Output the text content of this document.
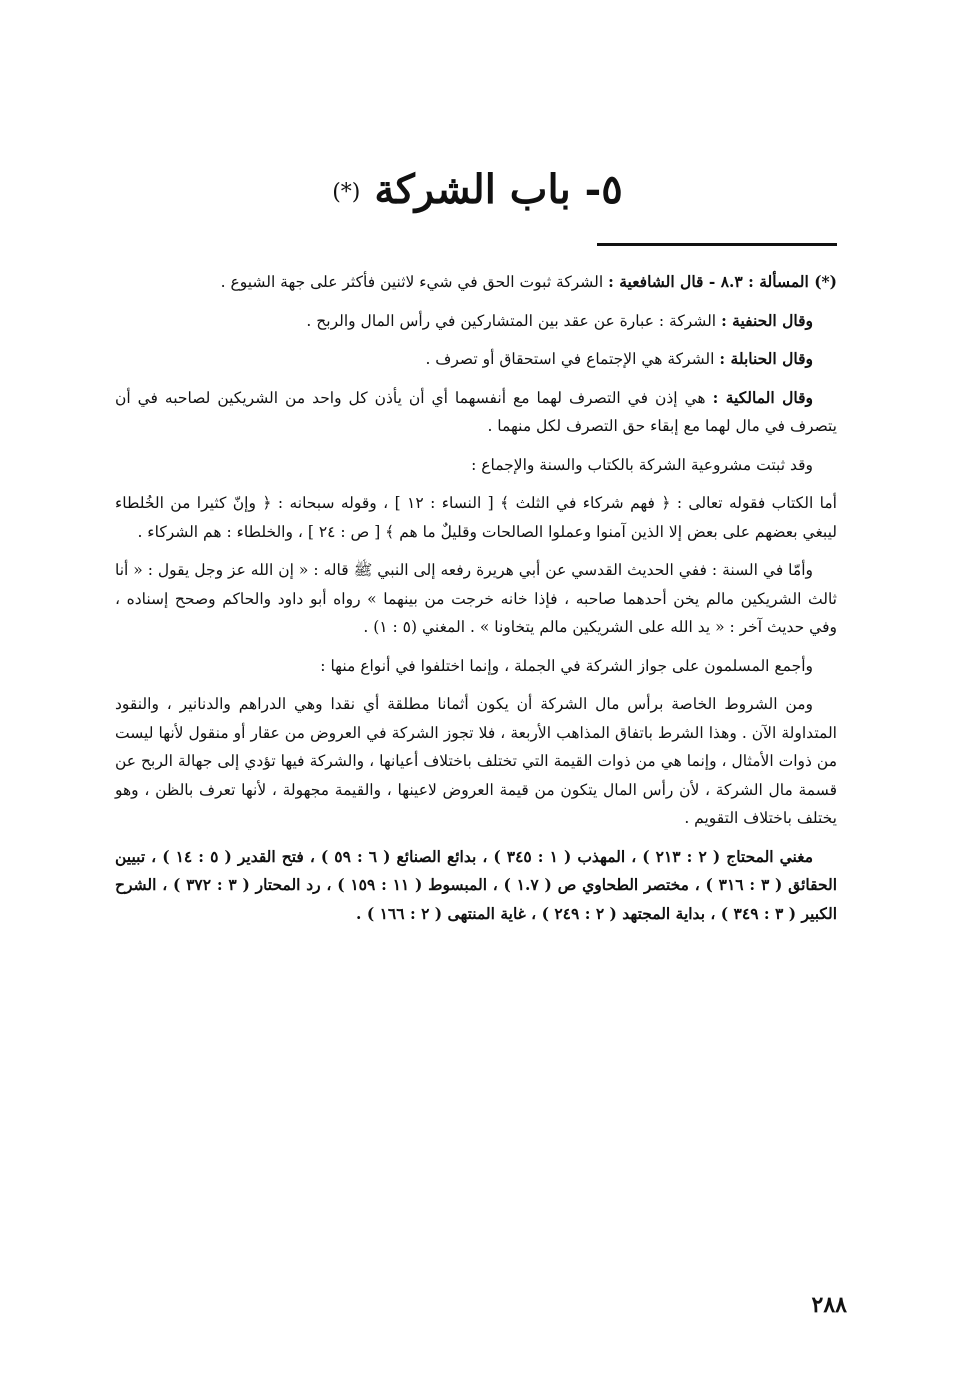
٥- باب الشركة (*)

(*) المسألة : ٨.٣ - قال الشافعية : الشركة ثبوت الحق في شيء لاثنين فأكثر على جهة الشيوع .

وقال الحنفية : الشركة : عبارة عن عقد بين المتشاركين في رأس المال والربح .

وقال الحنابلة : الشركة هي الإجتماع في استحقاق أو تصرف .

وقال المالكية : هي إذن في التصرف لهما مع أنفسهما أي أن يأذن كل واحد من الشريكين لصاحبه في أن يتصرف في مال لهما مع إبقاء حق التصرف لكل منهما .

وقد ثبتت مشروعية الشركة بالكتاب والسنة والإجماع :

أما الكتاب فقوله تعالى : ﴿ فهم شركاء في الثلث ﴾ [ النساء : ١٢ ] ، وقوله سبحانه : ﴿ وإنّ كثيرا من الخُلطاء ليبغي بعضهم على بعض إلا الذين آمنوا وعملوا الصالحات وقليلٌ ما هم ﴾ [ ص : ٢٤ ] ، والخلطاء : هم الشركاء .

وأمّا في السنة : ففي الحديث القدسي عن أبي هريرة رفعه إلى النبي ﷺ قاله : « إن الله عز وجل يقول : « أنا ثالث الشريكين مالم يخن أحدهما صاحبه ، فإذا خانه خرجت من بينهما » رواه أبو داود والحاكم وصحح إسناده ، وفي حديث آخر : « يد الله على الشريكين مالم يتخاونا » . المغني (٥ : ١) .

وأجمع المسلمون على جواز الشركة في الجملة ، وإنما اختلفوا في أنواع منها :

ومن الشروط الخاصة برأس مال الشركة أن يكون أثمانا مطلقة أي نقدا وهي الدراهم والدنانير ، والنقود المتداولة الآن . وهذا الشرط باتفاق المذاهب الأربعة ، فلا تجوز الشركة في العروض من عقار أو منقول لأنها ليست من ذوات الأمثال ، وإنما هي من ذوات القيمة التي تختلف باختلاف أعيانها ، والشركة فيها تؤدي إلى جهالة الربح عن قسمة مال الشركة ، لأن رأس المال يتكون من قيمة العروض لاعينها ، والقيمة مجهولة ، لأنها تعرف بالظن ، وهو يختلف باختلاف التقويم .

مغني المحتاج ( ٢ : ٢١٣ ) ، المهذب ( ١ : ٣٤٥ ) ، بدائع الصنائع ( ٦ : ٥٩ ) ، فتح القدير ( ٥ : ١٤ ) ، تبيين الحقائق ( ٣ : ٣١٦ ) ، مختصر الطحاوي ص ( ١.٧ ) ، المبسوط ( ١١ : ١٥٩ ) ، رد المحتار ( ٣ : ٣٧٢ ) ، الشرح الكبير ( ٣ : ٣٤٩ ) ، بداية المجتهد ( ٢ : ٢٤٩ ) ، غاية المنتهى ( ٢ : ١٦٦ ) .

٢٨٨
